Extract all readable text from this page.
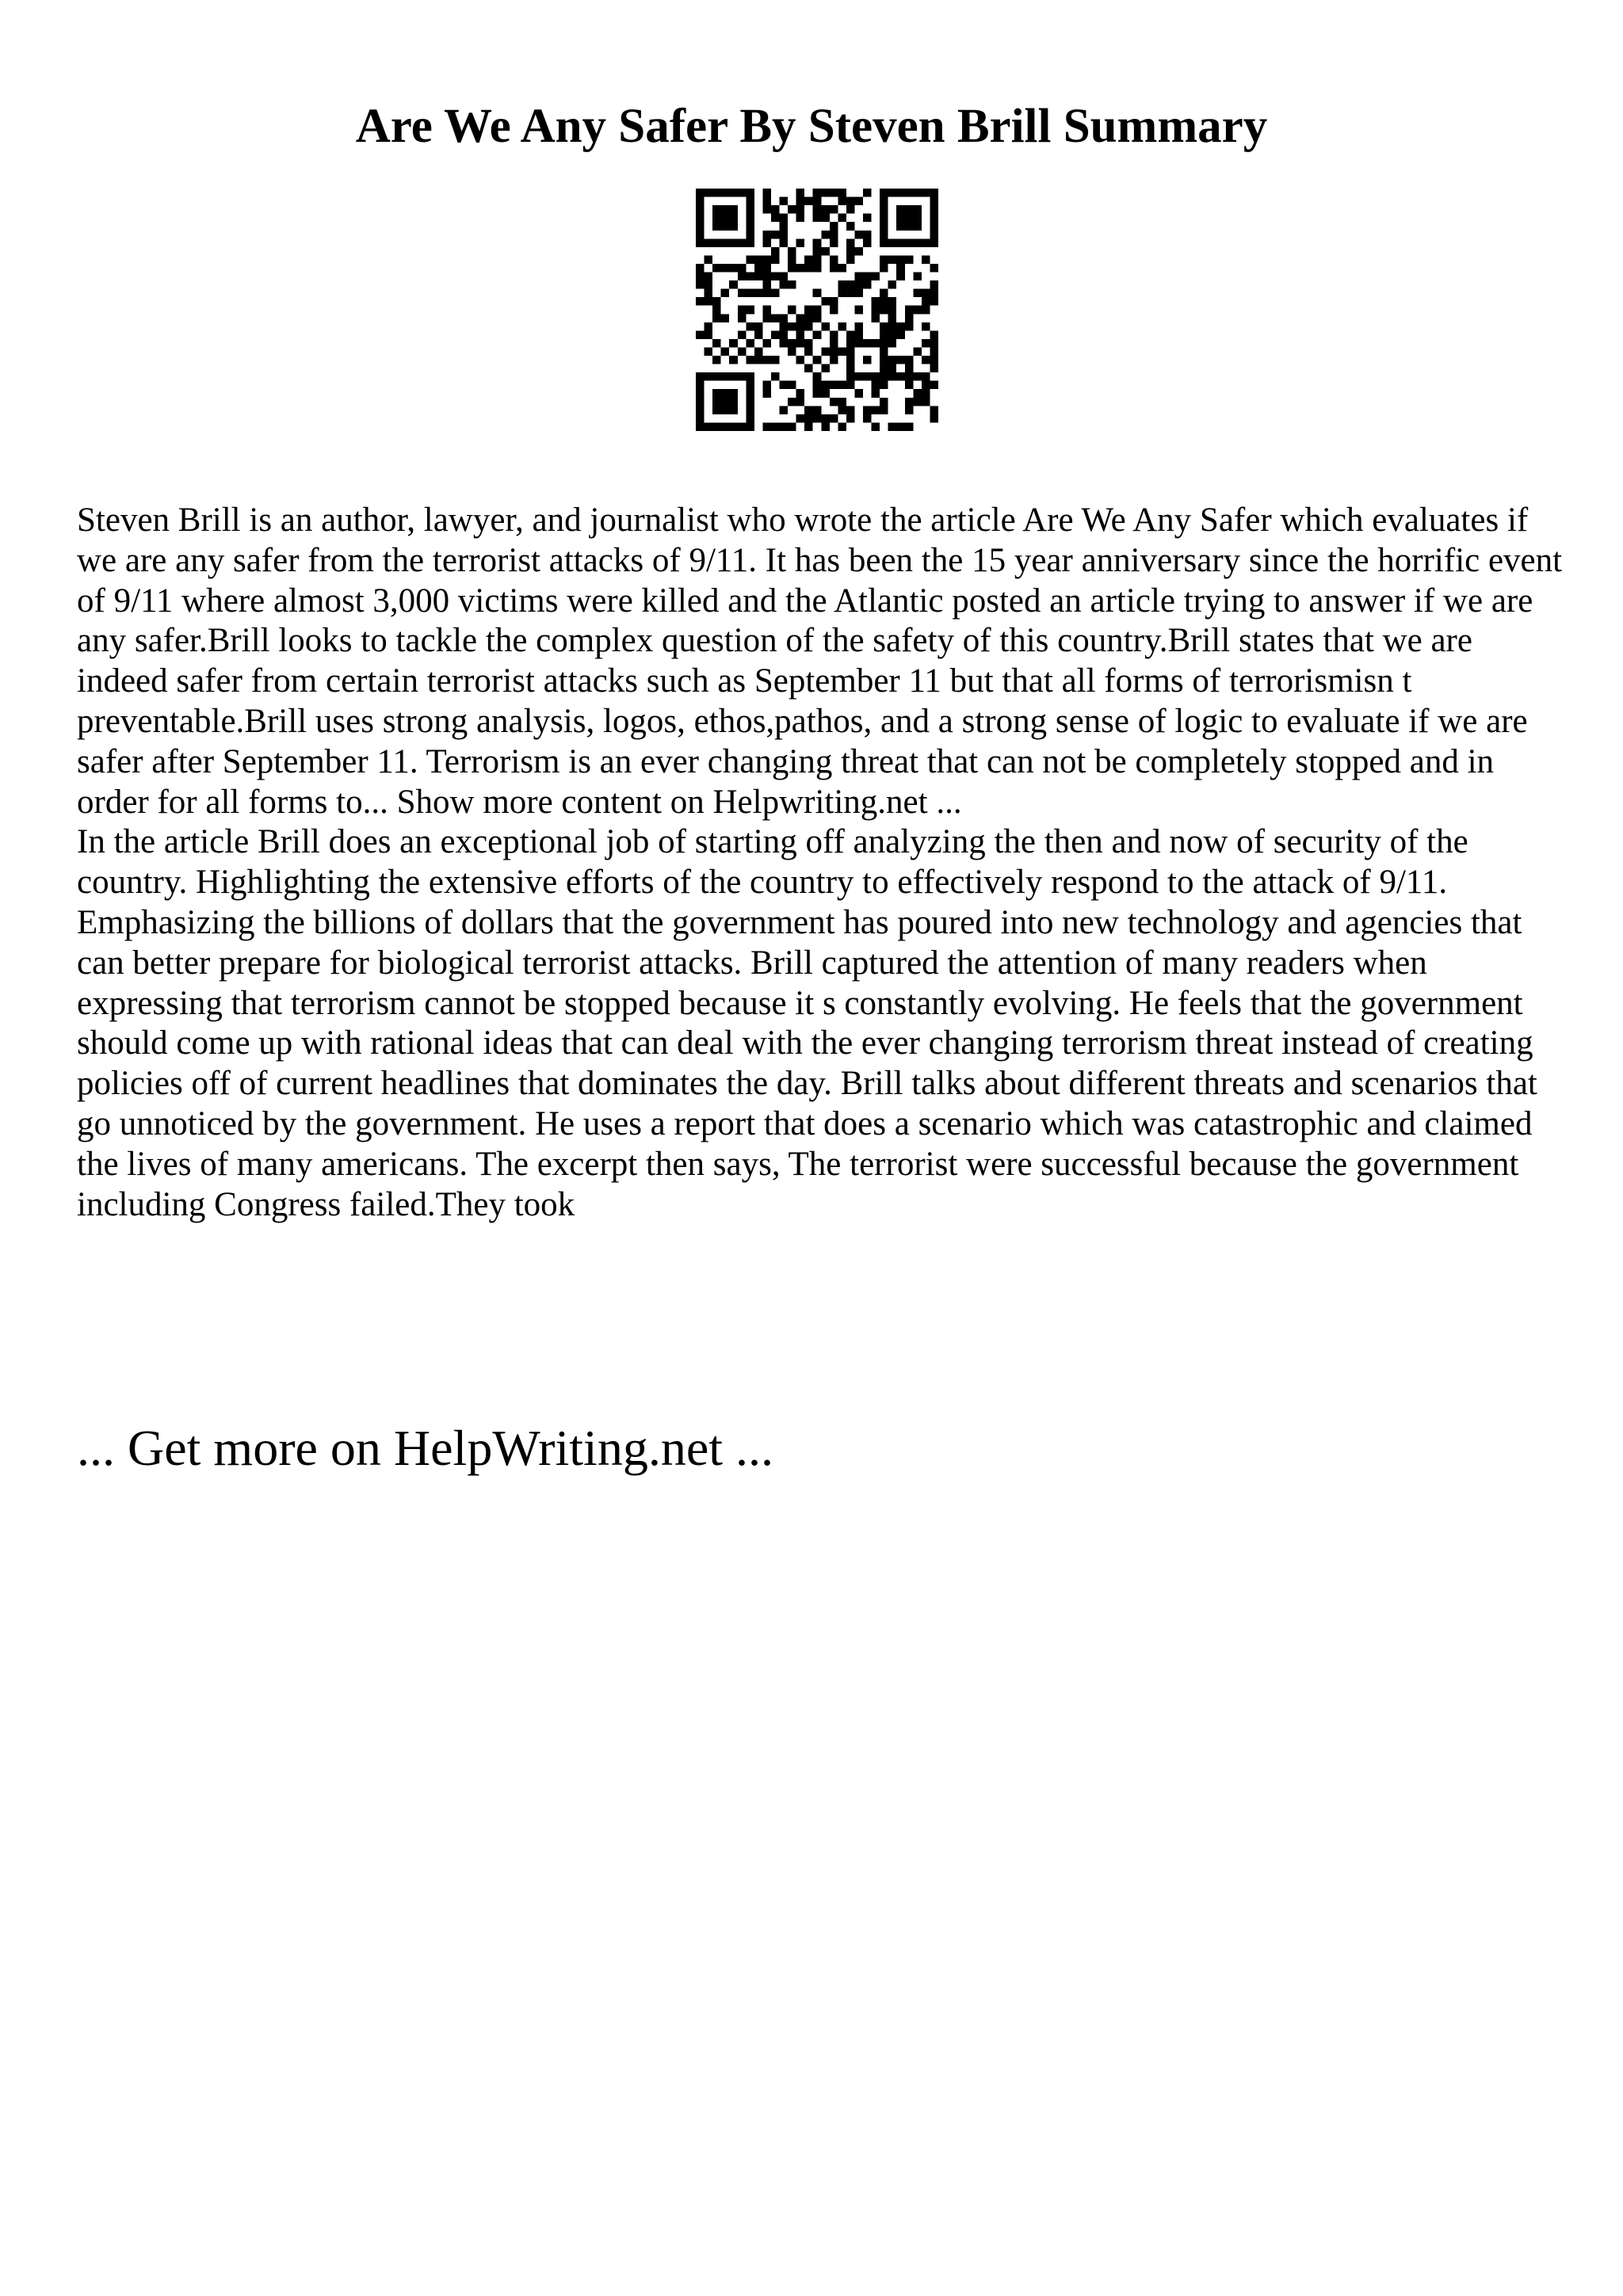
Are We Any Safer By Steven Brill Summary

Steven Brill is an author, lawyer, and journalist who wrote the article Are We Any Safer which evaluates if we are any safer from the terrorist attacks of 9/11. It has been the 15 year anniversary since the horrific event of 9/11 where almost 3,000 victims were killed and the Atlantic posted an article trying to answer if we are any safer.Brill looks to tackle the complex question of the safety of this country.Brill states that we are indeed safer from certain terrorist attacks such as September 11 but that all forms of terrorismisn t preventable.Brill uses strong analysis, logos, ethos,pathos, and a strong sense of logic to evaluate if we are safer after September 11. Terrorism is an ever changing threat that can not be completely stopped and in order for all forms to... Show more content on Helpwriting.net ...

In the article Brill does an exceptional job of starting off analyzing the then and now of security of the country. Highlighting the extensive efforts of the country to effectively respond to the attack of 9/11. Emphasizing the billions of dollars that the government has poured into new technology and agencies that can better prepare for biological terrorist attacks. Brill captured the attention of many readers when expressing that terrorism cannot be stopped because it s constantly evolving. He feels that the government should come up with rational ideas that can deal with the ever changing terrorism threat instead of creating policies off of current headlines that dominates the day. Brill talks about different threats and scenarios that go unnoticed by the government. He uses a report that does a scenario which was catastrophic and claimed the lives of many americans. The excerpt then says, The terrorist were successful because the government including Congress failed.They took

... Get more on HelpWriting.net ...
